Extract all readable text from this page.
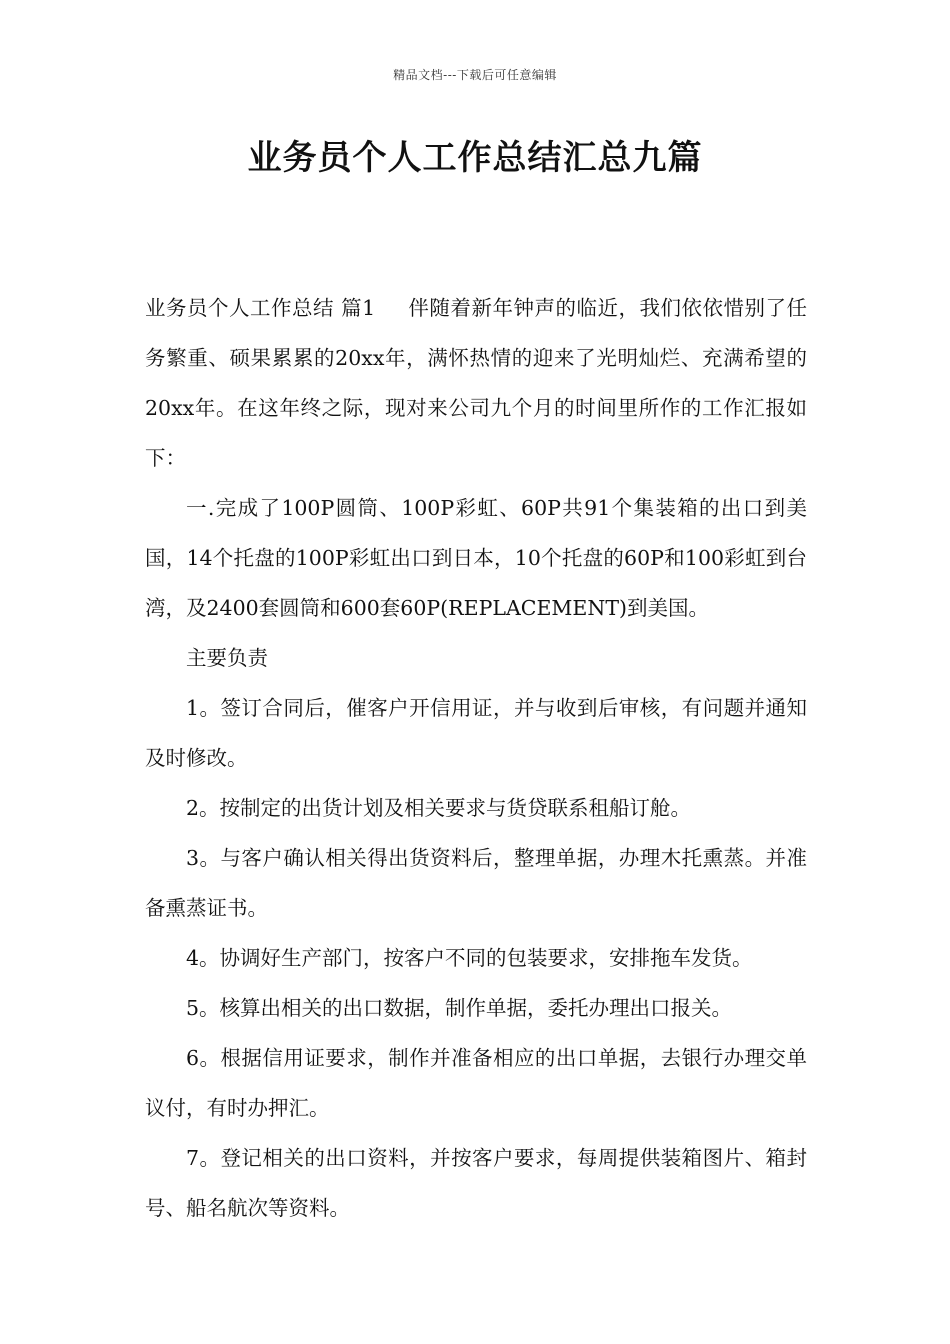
精品文档---下载后可任意编辑
业务员个人工作总结汇总九篇

业务员个人工作总结 篇1 伴随着新年钟声的临近，我们依依惜别了任务繁重、硕果累累的20xx年，满怀热情的迎来了光明灿烂、充满希望的20xx年。在这年终之际，现对来公司九个月的时间里所作的工作汇报如下：

一.完成了100P圆筒、100P彩虹、60P共91个集装箱的出口到美国，14个托盘的100P彩虹出口到日本，10个托盘的60P和100彩虹到台湾，及2400套圆筒和600套60P(REPLACEMENT)到美国。

主要负责

1。签订合同后，催客户开信用证，并与收到后审核，有问题并通知及时修改。

2。按制定的出货计划及相关要求与货贷联系租船订舱。

3。与客户确认相关得出货资料后，整理单据，办理木托熏蒸。并准备熏蒸证书。

4。协调好生产部门，按客户不同的包装要求，安排拖车发货。

5。核算出相关的出口数据，制作单据，委托办理出口报关。

6。根据信用证要求，制作并准备相应的出口单据，去银行办理交单议付，有时办押汇。

7。登记相关的出口资料，并按客户要求，每周提供装箱图片、箱封号、船名航次等资料。
